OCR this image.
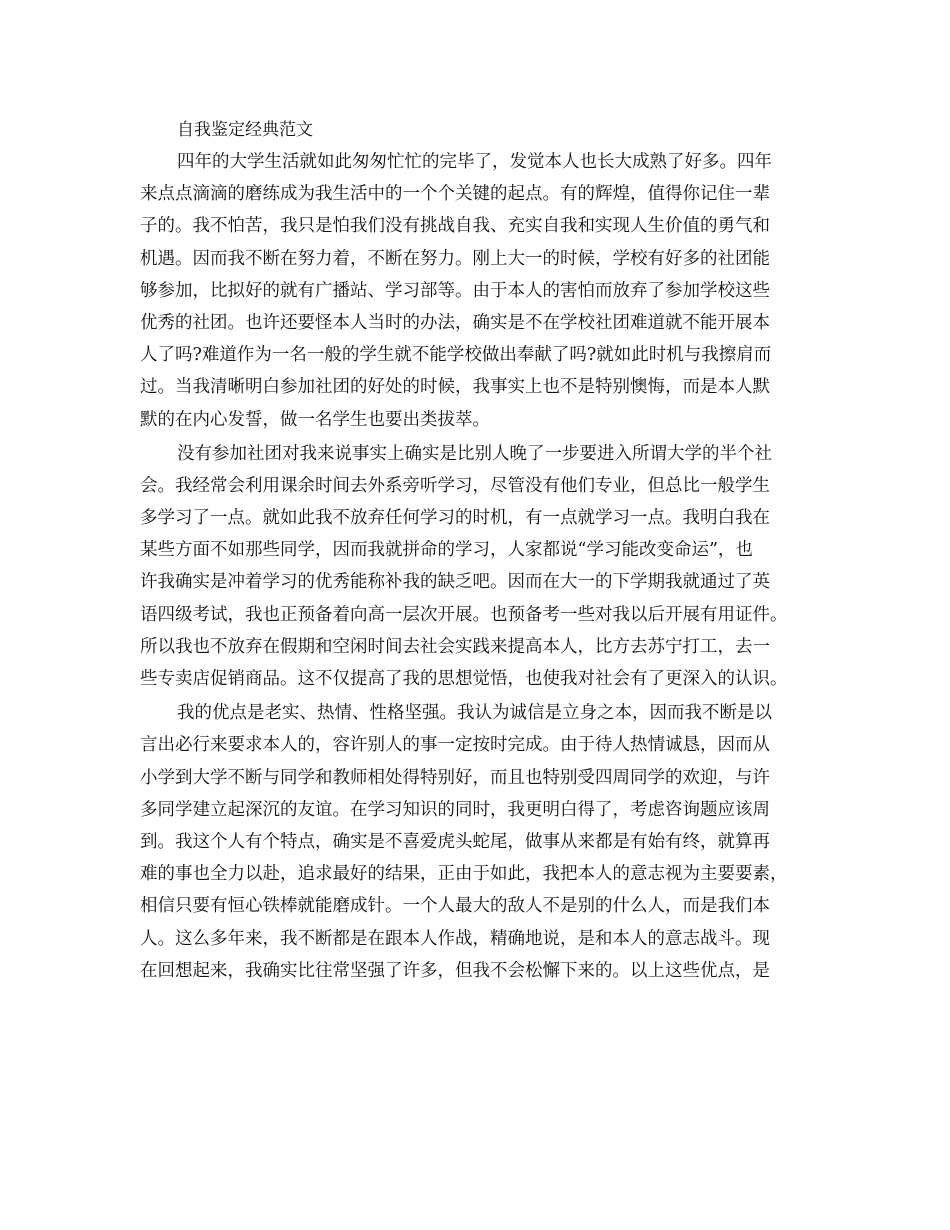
自我鉴定经典范文
四年的大学生活就如此匆匆忙忙的完毕了，发觉本人也长大成熟了好多。四年
来点点滴滴的磨练成为我生活中的一个个关键的起点。有的辉煌，值得你记住一辈
子的。我不怕苦，我只是怕我们没有挑战自我、充实自我和实现人生价值的勇气和
机遇。因而我不断在努力着，不断在努力。刚上大一的时候，学校有好多的社团能
够参加，比拟好的就有广播站、学习部等。由于本人的害怕而放弃了参加学校这些
优秀的社团。也许还要怪本人当时的办法，确实是不在学校社团难道就不能开展本
人了吗?难道作为一名一般的学生就不能学校做出奉献了吗?就如此时机与我擦肩而
过。当我清晰明白参加社团的好处的时候，我事实上也不是特别懊悔，而是本人默
默的在内心发誓，做一名学生也要出类拔萃。
没有参加社团对我来说事实上确实是比别人晚了一步要进入所谓大学的半个社
会。我经常会利用课余时间去外系旁听学习，尽管没有他们专业，但总比一般学生
多学习了一点。就如此我不放弃任何学习的时机，有一点就学习一点。我明白我在
某些方面不如那些同学，因而我就拼命的学习，人家都说“学习能改变命运”，也
许我确实是冲着学习的优秀能称补我的缺乏吧。因而在大一的下学期我就通过了英
语四级考试，我也正预备着向高一层次开展。也预备考一些对我以后开展有用证件。
所以我也不放弃在假期和空闲时间去社会实践来提高本人，比方去苏宁打工，去一
些专卖店促销商品。这不仅提高了我的思想觉悟，也使我对社会有了更深入的认识。
我的优点是老实、热情、性格坚强。我认为诚信是立身之本，因而我不断是以
言出必行来要求本人的，容许别人的事一定按时完成。由于待人热情诚恳，因而从
小学到大学不断与同学和教师相处得特别好，而且也特别受四周同学的欢迎，与许
多同学建立起深沉的友谊。在学习知识的同时，我更明白得了，考虑咨询题应该周
到。我这个人有个特点，确实是不喜爱虎头蛇尾，做事从来都是有始有终，就算再
难的事也全力以赴，追求最好的结果，正由于如此，我把本人的意志视为主要要素，
相信只要有恒心铁棒就能磨成针。一个人最大的敌人不是别的什么人，而是我们本
人。这么多年来，我不断都是在跟本人作战，精确地说，是和本人的意志战斗。现
在回想起来，我确实比往常坚强了许多，但我不会松懈下来的。以上这些优点，是
